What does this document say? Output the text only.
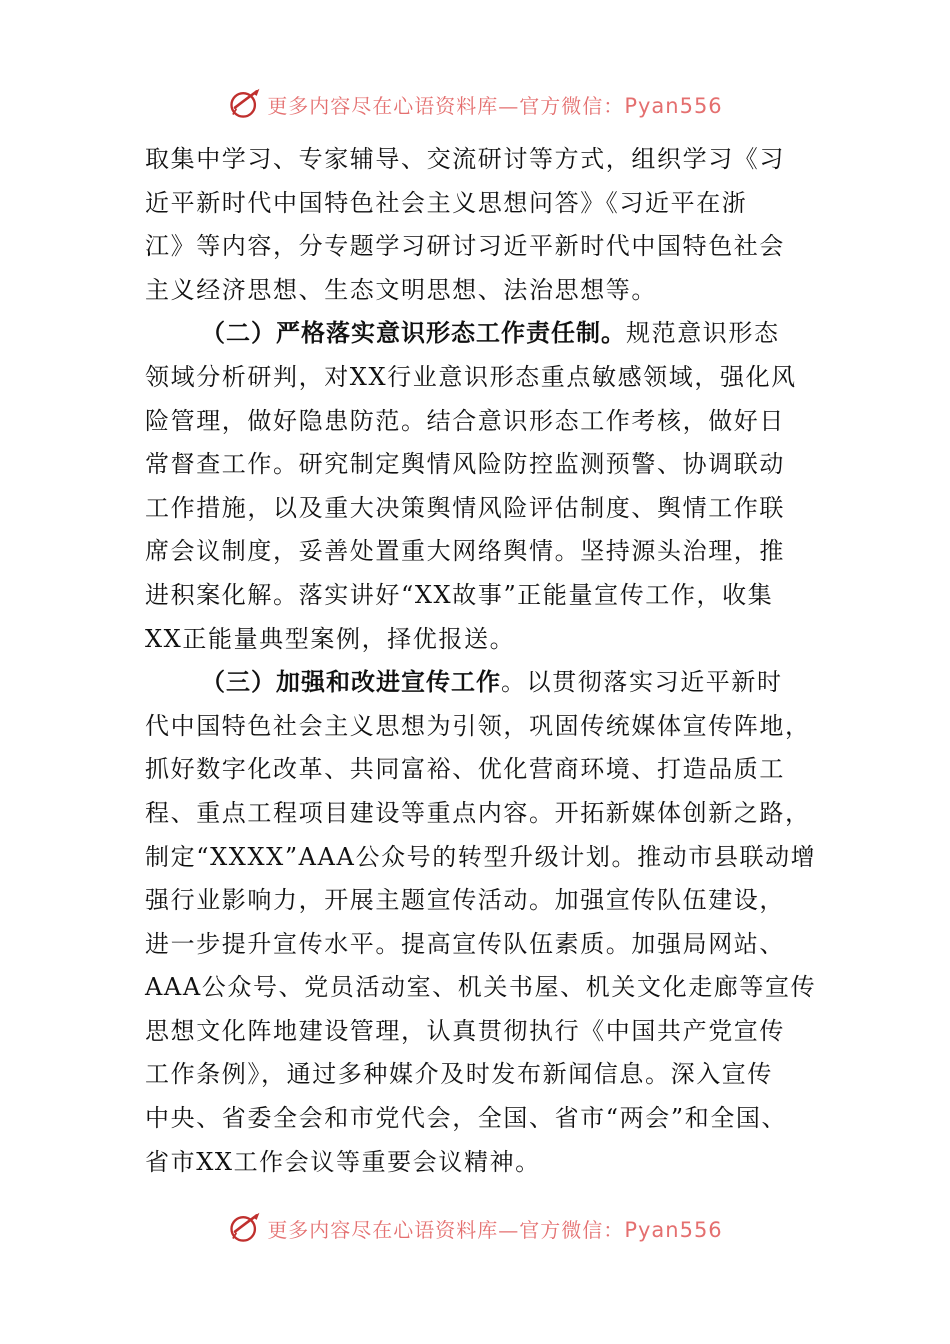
更多内容尽在心语资料库—官方微信：Pyan556
取集中学习、专家辅导、交流研讨等方式，组织学习《习
近平新时代中国特色社会主义思想问答》《习近平在浙
江》等内容，分专题学习研讨习近平新时代中国特色社会
主义经济思想、生态文明思想、法治思想等。
（二）严格落实意识形态工作责任制。规范意识形态
领域分析研判，对XX行业意识形态重点敏感领域，强化风
险管理，做好隐患防范。结合意识形态工作考核，做好日
常督查工作。研究制定舆情风险防控监测预警、协调联动
工作措施，以及重大决策舆情风险评估制度、舆情工作联
席会议制度，妥善处置重大网络舆情。坚持源头治理，推
进积案化解。落实讲好“XX故事”正能量宣传工作，收集
XX正能量典型案例，择优报送。
（三）加强和改进宣传工作。以贯彻落实习近平新时
代中国特色社会主义思想为引领，巩固传统媒体宣传阵地，
抓好数字化改革、共同富裕、优化营商环境、打造品质工
程、重点工程项目建设等重点内容。开拓新媒体创新之路，
制定“XXXX”AAA公众号的转型升级计划。推动市县联动增
强行业影响力，开展主题宣传活动。加强宣传队伍建设，
进一步提升宣传水平。提高宣传队伍素质。加强局网站、
AAA公众号、党员活动室、机关书屋、机关文化走廊等宣传
思想文化阵地建设管理，认真贯彻执行《中国共产党宣传
工作条例》，通过多种媒介及时发布新闻信息。深入宣传
中央、省委全会和市党代会，全国、省市“两会”和全国、
省市XX工作会议等重要会议精神。
更多内容尽在心语资料库—官方微信：Pyan556
